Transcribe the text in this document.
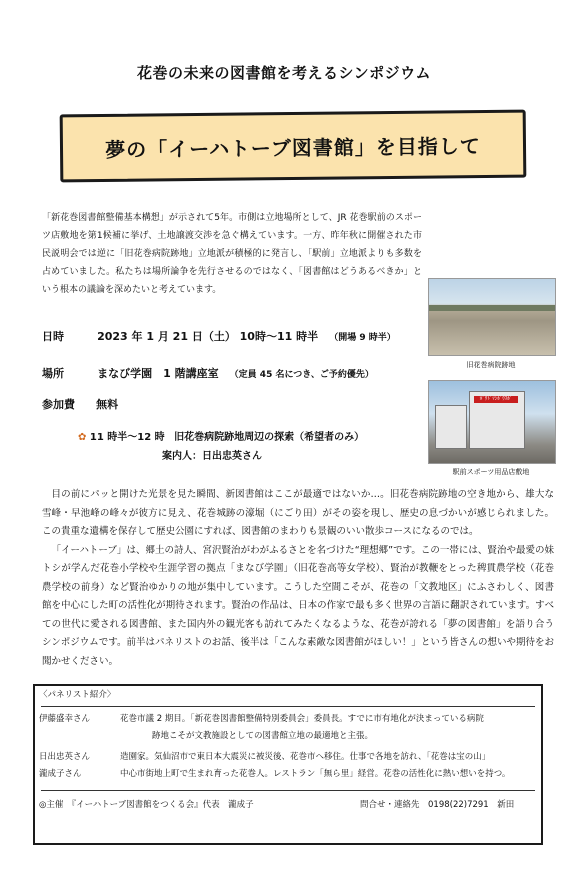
花巻の未来の図書館を考えるシンポジウム
夢の「イーハトーブ図書館」を目指して
「新花巻図書館整備基本構想」が示されて5年。市側は立地場所として、JR 花巻駅前のスポーツ店敷地を第1候補に挙げ、土地譲渡交渉を急ぐ構えています。一方、昨年秋に開催された市民説明会では逆に「旧花巻病院跡地」立地派が積極的に発言し、「駅前」立地派よりも多数を占めていました。私たちは場所論争を先行させるのではなく、「図書館はどうあるべきか」という根本の議論を深めたいと考えています。
旧花巻病院跡地
ﾎﾞｳﾄﾞﾏﾝﾎﾞｳｽﾎﾟ
駅前スポーツ用品店敷地
日時	2023 年 1 月 21 日（土） 10時～11 時半 （開場 9 時半）
場所	まなび学園　1 階講座室 （定員 45 名につき、ご予約優先）
参加費 無料
✿ 11 時半～12 時 旧花巻病院跡地周辺の探索（希望者のみ）
案内人：日出忠英さん

目の前にパッと開けた光景を見た瞬間、新図書館はここが最適ではないか…。旧花巻病院跡地の空き地から、雄大な雪峰・早池峰の峰々が彼方に見え、花巻城跡の濠堀（にごり田）がその姿を現し、歴史の息づかいが感じられました。この貴重な遺構を保存して歴史公園にすれば、図書館のまわりも景観のいい散歩コースになるのでは。

「イーハトーブ」は、郷土の詩人、宮沢賢治がわがふるさとを名づけた“理想郷”です。この一帯には、賢治や最愛の妹トシが学んだ花巻小学校や生涯学習の拠点「まなび学園」（旧花巻高等女学校）、賢治が教鞭をとった稗貫農学校（花巻農学校の前身）など賢治ゆかりの地が集中しています。こうした空間こそが、花巻の「文教地区」にふさわしく、図書館を中心にした町の活性化が期待されます。賢治の作品は、日本の作家で最も多く世界の言語に翻訳されています。すべての世代に愛される図書館、また国内外の観光客も訪れてみたくなるような、花巻が誇れる「夢の図書館」を語り合うシンポジウムです。前半はパネリストのお話、後半は「こんな素敵な図書館がほしい！」という皆さんの想いや期待をお聞かせください。

〈パネリスト紹介〉
伊藤盛幸さん	花巻市議 2 期目。「新花巻図書館整備特別委員会」委員長。すでに市有地化が決まっている病院
跡地こそが文教施設としての図書館立地の最適地と主張。
日出忠英さん	造園家。気仙沼市で東日本大震災に被災後、花巻市へ移住。仕事で各地を訪れ、「花巻は宝の山」
瀧成子さん	中心市街地上町で生まれ育った花巻人。レストラン「無ら里」経営。花巻の活性化に熱い想いを持つ。
◎主催　『イーハトーブ図書館をつくる会』代表　瀧成子	問合せ・連絡先　0198(22)7291　新田
